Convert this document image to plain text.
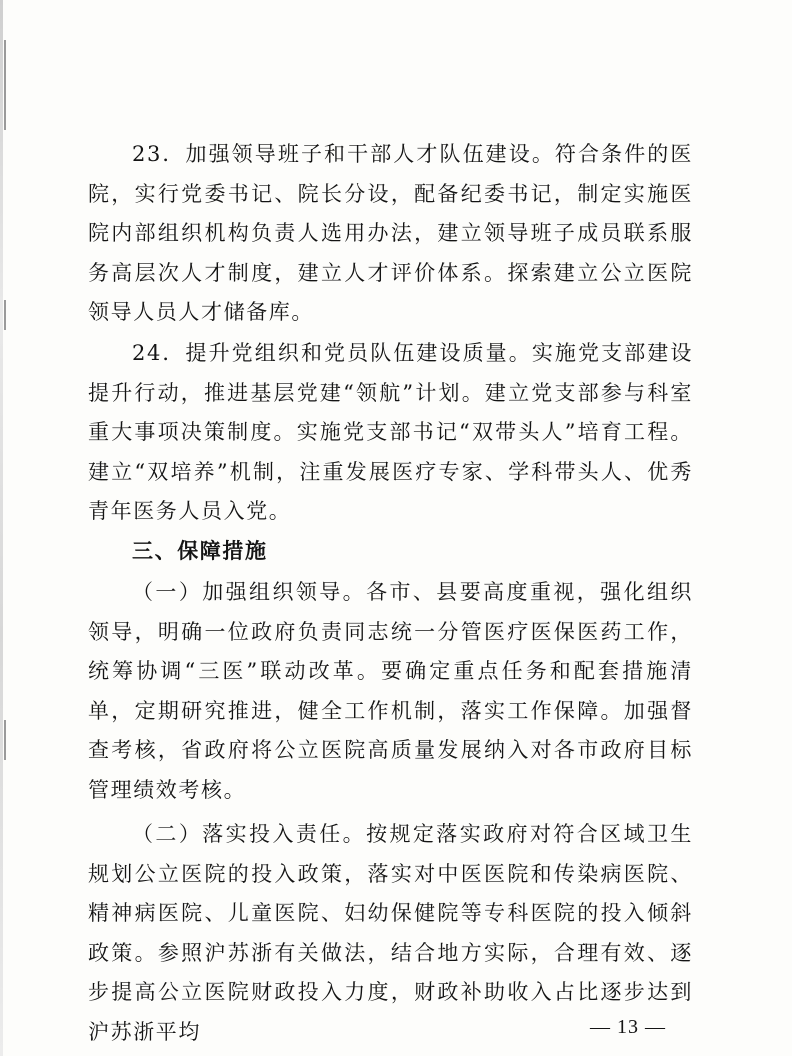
23．加强领导班子和干部人才队伍建设。符合条件的医院，实行党委书记、院长分设，配备纪委书记，制定实施医院内部组织机构负责人选用办法，建立领导班子成员联系服务高层次人才制度，建立人才评价体系。探索建立公立医院领导人员人才储备库。

24．提升党组织和党员队伍建设质量。实施党支部建设提升行动，推进基层党建“领航”计划。建立党支部参与科室重大事项决策制度。实施党支部书记“双带头人”培育工程。建立“双培养”机制，注重发展医疗专家、学科带头人、优秀青年医务人员入党。

三、保障措施

（一）加强组织领导。各市、县要高度重视，强化组织领导，明确一位政府负责同志统一分管医疗医保医药工作，统筹协调“三医”联动改革。要确定重点任务和配套措施清单，定期研究推进，健全工作机制，落实工作保障。加强督查考核，省政府将公立医院高质量发展纳入对各市政府目标管理绩效考核。

（二）落实投入责任。按规定落实政府对符合区域卫生规划公立医院的投入政策，落实对中医医院和传染病医院、精神病医院、儿童医院、妇幼保健院等专科医院的投入倾斜政策。参照沪苏浙有关做法，结合地方实际，合理有效、逐步提高公立医院财政投入力度，财政补助收入占比逐步达到沪苏浙平均	— 13 —
